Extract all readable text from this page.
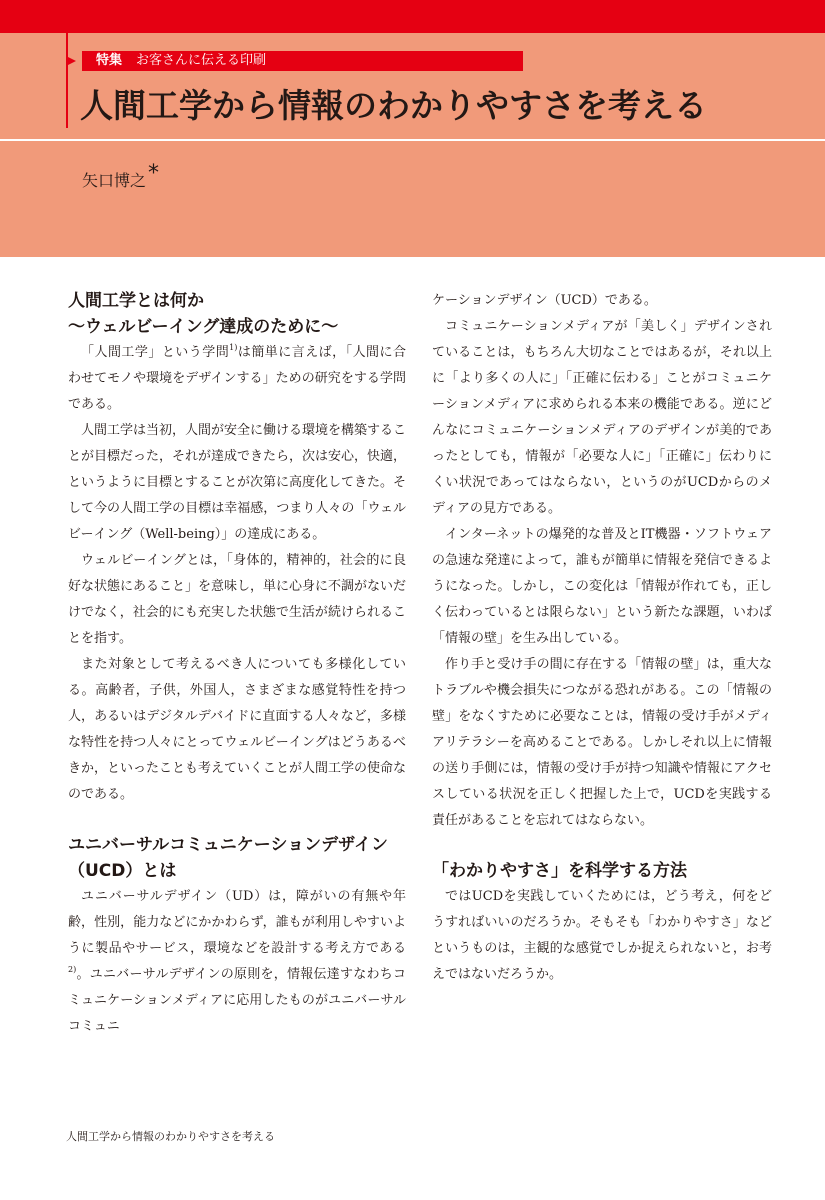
特集 お客さんに伝える印刷
人間工学から情報のわかりやすさを考える
矢口博之*
人間工学とは何か
～ウェルビーイング達成のために～

「人間工学」という学問$^{1)}$は簡単に言えば，「人間に合わせてモノや環境をデザインする」ための研究をする学問である。

人間工学は当初，人間が安全に働ける環境を構築することが目標だった，それが達成できたら，次は安心，快適，というように目標とすることが次第に高度化してきた。そして今の人間工学の目標は幸福感，つまり人々の「ウェルビーイング（Well-being）」の達成にある。

ウェルビーイングとは，「身体的，精神的，社会的に良好な状態にあること」を意味し，単に心身に不調がないだけでなく，社会的にも充実した状態で生活が続けられることを指す。

また対象として考えるべき人についても多様化している。高齢者，子供，外国人，さまざまな感覚特性を持つ人，あるいはデジタルデバイドに直面する人々など，多様な特性を持つ人々にとってウェルビーイングはどうあるべきか，といったことも考えていくことが人間工学の使命なのである。

ユニバーサルコミュニケーションデザイン
（UCD）とは

ユニバーサルデザイン（UD）は，障がいの有無や年齢，性別，能力などにかかわらず，誰もが利用しやすいように製品やサービス，環境などを設計する考え方である$^{2)}$。ユニバーサルデザインの原則を，情報伝達すなわちコミュニケーションメディアに応用したものがユニバーサルコミュニ

ケーションデザイン（UCD）である。

コミュニケーションメディアが「美しく」デザインされていることは，もちろん大切なことではあるが，それ以上に「より多くの人に」「正確に伝わる」ことがコミュニケーションメディアに求められる本来の機能である。逆にどんなにコミュニケーションメディアのデザインが美的であったとしても，情報が「必要な人に」「正確に」伝わりにくい状況であってはならない，というのがUCDからのメディアの見方である。

インターネットの爆発的な普及とIT機器・ソフトウェアの急速な発達によって，誰もが簡単に情報を発信できるようになった。しかし，この変化は「情報が作れても，正しく伝わっているとは限らない」という新たな課題，いわば「情報の壁」を生み出している。

作り手と受け手の間に存在する「情報の壁」は，重大なトラブルや機会損失につながる恐れがある。この「情報の壁」をなくすために必要なことは，情報の受け手がメディアリテラシーを高めることである。しかしそれ以上に情報の送り手側には，情報の受け手が持つ知識や情報にアクセスしている状況を正しく把握した上で，UCDを実践する責任があることを忘れてはならない。

「わかりやすさ」を科学する方法

ではUCDを実践していくためには，どう考え，何をどうすればいいのだろうか。そもそも「わかりやすさ」などというものは，主観的な感覚でしか捉えられないと，お考えではないだろうか。

人間工学から情報のわかりやすさを考える
